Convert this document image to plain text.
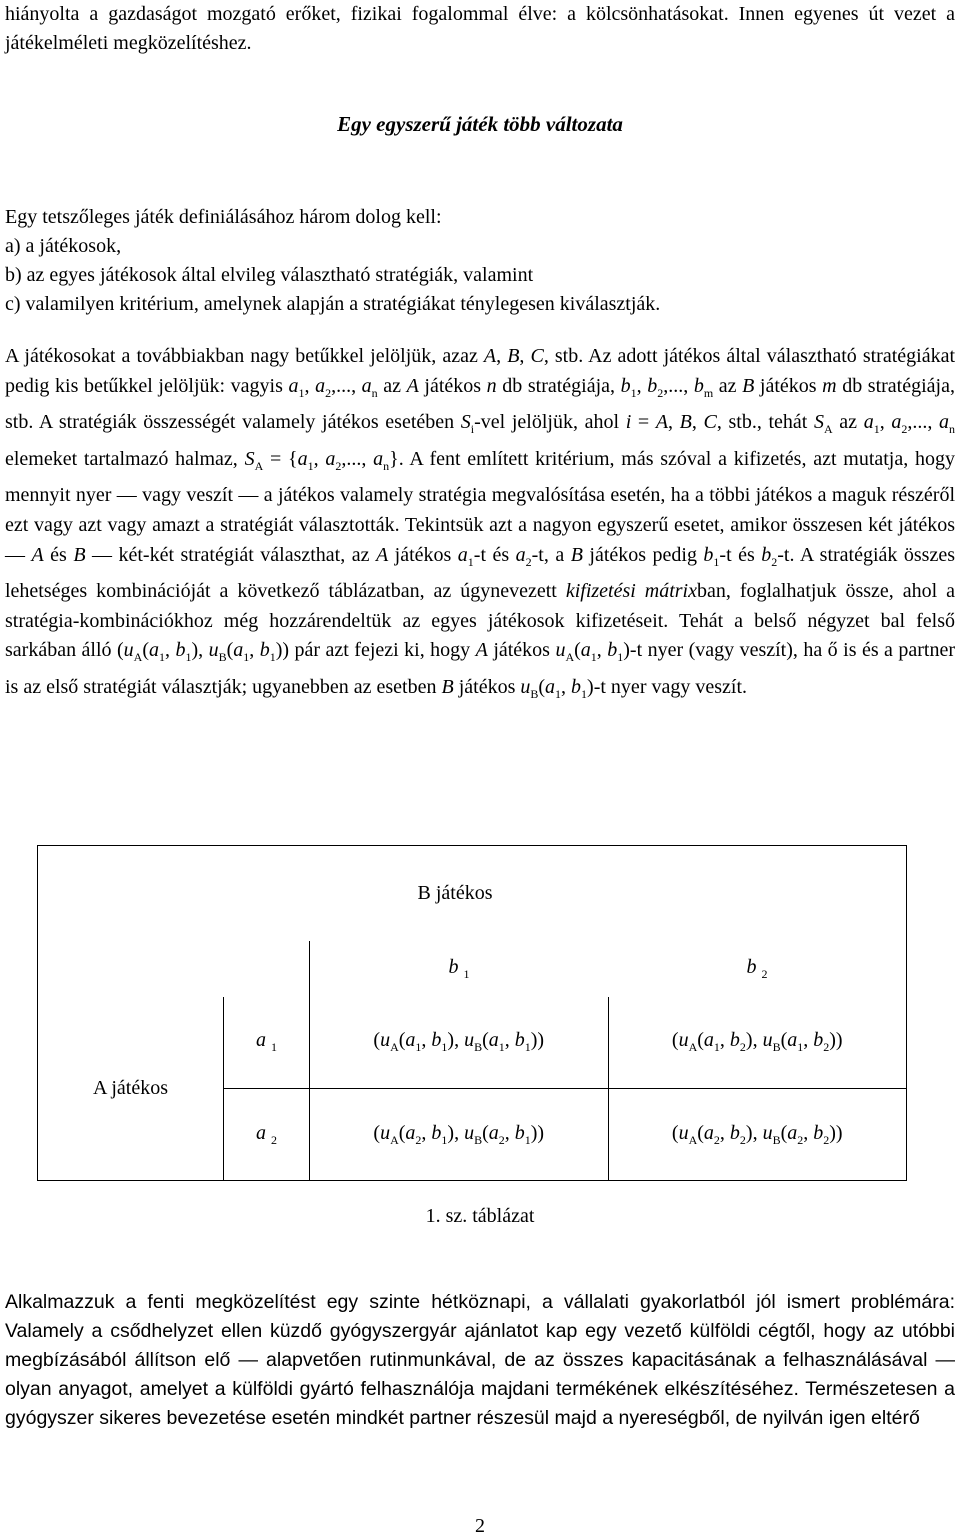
hiányolta a gazdaságot mozgató erőket, fizikai fogalommal élve: a kölcsönhatásokat. Innen egyenes út vezet a játékelméleti megközelítéshez.

Egy egyszerű játék több változata
Egy tetszőleges játék definiálásához három dolog kell:
a) a játékosok,
b) az egyes játékosok által elvileg választható stratégiák, valamint
c) valamilyen kritérium, amelynek alapján a stratégiákat ténylegesen kiválasztják.

A játékosokat a továbbiakban nagy betűkkel jelöljük, azaz A, B, C, stb. Az adott játékos által választható stratégiákat pedig kis betűkkel jelöljük: vagyis $a_1$, $a_2$,..., $a_n$ az A játékos n db stratégiája, $b_1$, $b_2$,..., $b_m$ az B játékos m db stratégiája, stb. A stratégiák összességét valamely játékos esetében $S_i$-vel jelöljük, ahol i = A, B, C, stb., tehát $S_A$ az $a_1$, $a_2$,..., $a_n$ elemeket tartalmazó halmaz, $S_A = \{a_1$, $a_2$,..., $a_n$}. A fent említett kritérium, más szóval a kifizetés, azt mutatja, hogy mennyit nyer — vagy veszít — a játékos valamely stratégia megvalósítása esetén, ha a többi játékos a maguk részéről ezt vagy azt vagy amazt a stratégiát választották. Tekintsük azt a nagyon egyszerű esetet, amikor összesen két játékos — A és B — két-két stratégiát választhat, az A játékos $a_1-t$ és $a_2-t$, a B játékos pedig $b_1-t$ és $b_2-t$. A stratégiák összes lehetséges kombinációját a következő táblázatban, az úgynevezett kifizetési mátrixban, foglalhatjuk össze, ahol a stratégia-kombinációkhoz még hozzárendeltük az egyes játékosok kifizetéseit. Tehát a belső négyzet bal felső sarkában álló ($u_A(a_1$, $b_1$), $u_B(a_1$, $b_1$)) pár azt fejezi ki, hogy A játékos $u_A(a_1$, $b_1)-t$ nyer (vagy veszít), ha ő is és a partner is az első stratégiát választják; ugyanebben az esetben B játékos $u_B(a_1$, $b_1)-t$ nyer vagy veszít.

		B játékos	
		b $_1$	b $_2$
A játékos	a $_1$	($u_A(a_1$, $b_1$), $u_B(a_1$, $b_1$))	($u_A(a_1$, $b_2$), $u_B(a_1$, $b_2$))
	a $_2$	($u_A(a_2$, $b_1$), $u_B(a_2$, $b_1$))	($u_A(a_2$, $b_2$), $u_B(a_2$, $b_2$))
1. sz. táblázat

Alkalmazzuk a fenti megközelítést egy szinte hétköznapi, a vállalati gyakorlatból jól ismert problémára: Valamely a csődhelyzet ellen küzdő gyógyszergyár ajánlatot kap egy vezető külföldi cégtől, hogy az utóbbi megbízásából állítson elő — alapvetően rutinmunkával, de az összes kapacitásának a felhasználásával — olyan anyagot, amelyet a külföldi gyártó felhasználója majdani termékének elkészítéséhez. Természetesen a gyógyszer sikeres bevezetése esetén mindkét partner részesül majd a nyereségből, de nyilván igen eltérő

2
